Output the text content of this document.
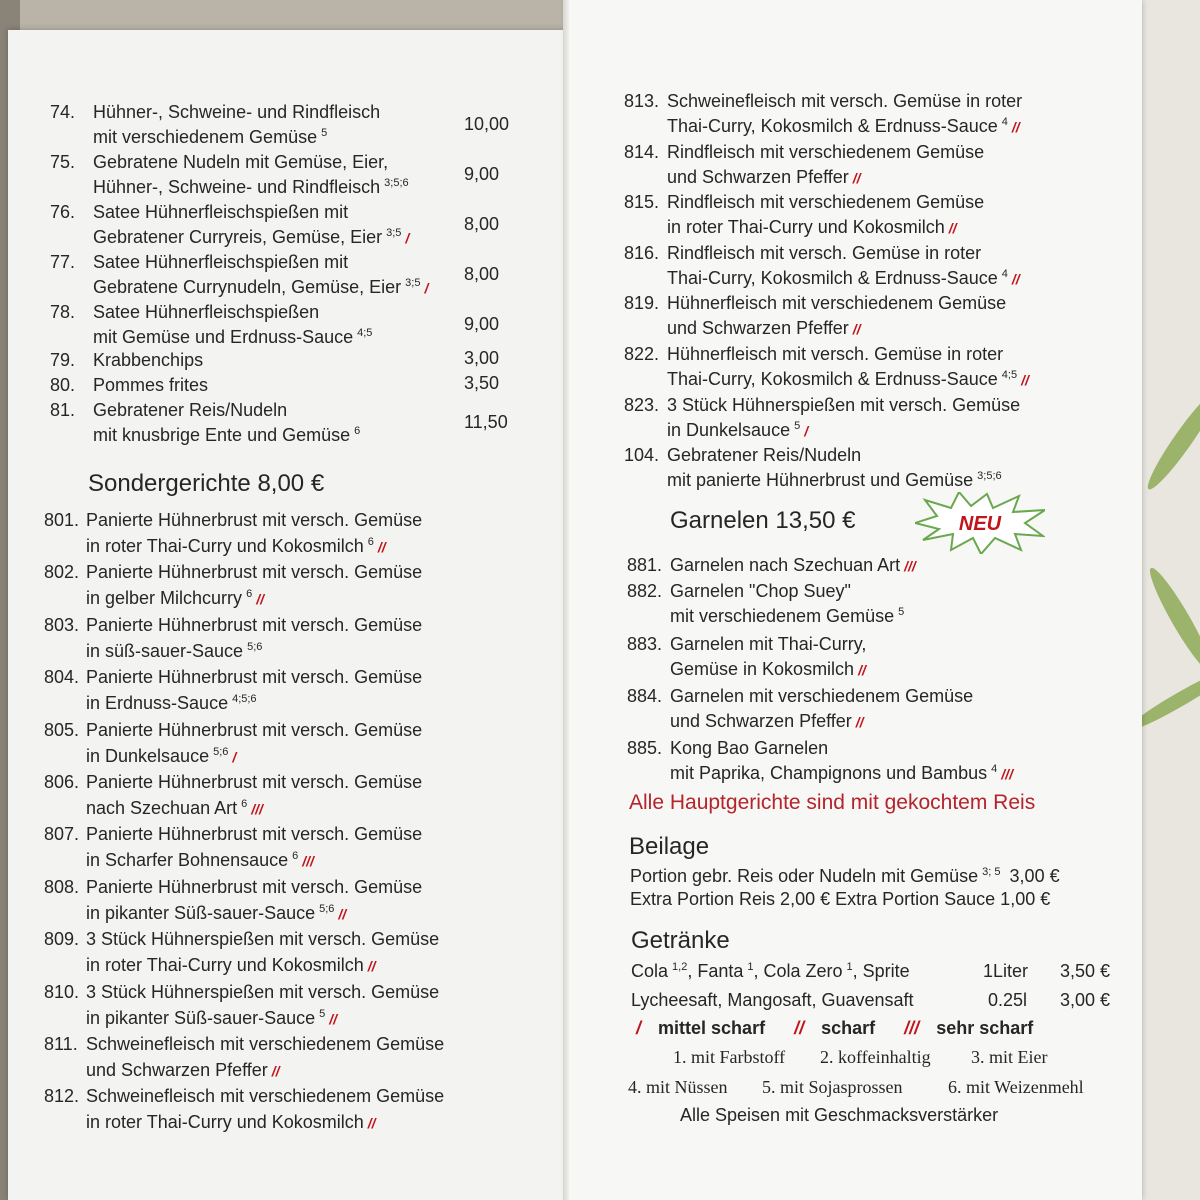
74. Hühner-, Schweine- und Rindfleisch
mit verschiedenem Gemüse $^5$	10,00
75. Gebratene Nudeln mit Gemüse, Eier,
Hühner-, Schweine- und Rindfleisch $^{3;5;6}$	9,00
76. Satee Hühnerfleischspießen mit
Gebratener Curryreis, Gemüse, Eier $^{3;5}$ /
8,00
77. Satee Hühnerfleischspießen mit
Gebratene Currynudeln, Gemüse, Eier $^{3;5}$ /
8,00
78. Satee Hühnerfleischspießen
mit Gemüse und Erdnuss-Sauce $^{4;5}$	9,00
79. Krabbenchips	3,00
80. Pommes frites	3,50
81. Gebratener Reis/Nudeln
mit knusbrige Ente und Gemüse $^6$	11,50
Sondergerichte 8,00 €
801. Panierte Hühnerbrust mit versch. Gemüse
in roter Thai-Curry und Kokosmilch $^6$ //
802. Panierte Hühnerbrust mit versch. Gemüse
in gelber Milchcurry $^6$ //
803. Panierte Hühnerbrust mit versch. Gemüse
in süß-sauer-Sauce $^{5;6}$
804. Panierte Hühnerbrust mit versch. Gemüse
in Erdnuss-Sauce $^{4;5;6}$
805. Panierte Hühnerbrust mit versch. Gemüse
in Dunkelsauce $^{5;6}$ /
806. Panierte Hühnerbrust mit versch. Gemüse
nach Szechuan Art $^6$ ///
807. Panierte Hühnerbrust mit versch. Gemüse
in Scharfer Bohnensauce $^6$ ///
808. Panierte Hühnerbrust mit versch. Gemüse
in pikanter Süß-sauer-Sauce $^{5;6}$ //
809. 3 Stück Hühnerspießen mit versch. Gemüse
in roter Thai-Curry und Kokosmilch //
810. 3 Stück Hühnerspießen mit versch. Gemüse
in pikanter Süß-sauer-Sauce $^5$ //
811. Schweinefleisch mit verschiedenem Gemüse
und Schwarzen Pfeffer //
812. Schweinefleisch mit verschiedenem Gemüse
in roter Thai-Curry und Kokosmilch //
813. Schweinefleisch mit versch. Gemüse in roter
Thai-Curry, Kokosmilch & Erdnuss-Sauce $^4$ //
814. Rindfleisch mit verschiedenem Gemüse
und Schwarzen Pfeffer //
815. Rindfleisch mit verschiedenem Gemüse
in roter Thai-Curry und Kokosmilch //
816. Rindfleisch mit versch. Gemüse in roter
Thai-Curry, Kokosmilch & Erdnuss-Sauce $^4$ //
819. Hühnerfleisch mit verschiedenem Gemüse
und Schwarzen Pfeffer //
822. Hühnerfleisch mit versch. Gemüse in roter
Thai-Curry, Kokosmilch & Erdnuss-Sauce $^{4;5}$ //
823. 3 Stück Hühnerspießen mit versch. Gemüse
in Dunkelsauce $^5$ /
104. Gebratener Reis/Nudeln
mit panierte Hühnerbrust und Gemüse $^{3;5;6}$
Garnelen 13,50 €	NEU
881. Garnelen nach Szechuan Art ///
882. Garnelen "Chop Suey"
mit verschiedenem Gemüse $^5$
883. Garnelen mit Thai-Curry,
Gemüse in Kokosmilch //
884. Garnelen mit verschiedenem Gemüse
und Schwarzen Pfeffer //
885. Kong Bao Garnelen
mit Paprika, Champignons und Bambus $^4$ ///
Alle Hauptgerichte sind mit gekochtem Reis
Beilage
Portion gebr. Reis oder Nudeln mit Gemüse $^{3; 5}$ 3,00 €
Extra Portion Reis 2,00 € Extra Portion Sauce 1,00 €
Getränke
Cola $^{1,2}$, Fanta $^1$, Cola Zero $^1$, Sprite	1Liter 3,50 €
Lycheesaft, Mangosaft, Guavensaft	0.25l 3,00 €
/ mittel scharf // scharf /// sehr scharf
1. mit Farbstoff 2. koffeinhaltig 3. mit Eier
4. mit Nüssen 5. mit Sojasprossen	6. mit Weizenmehl
Alle Speisen mit Geschmacksverstärker
